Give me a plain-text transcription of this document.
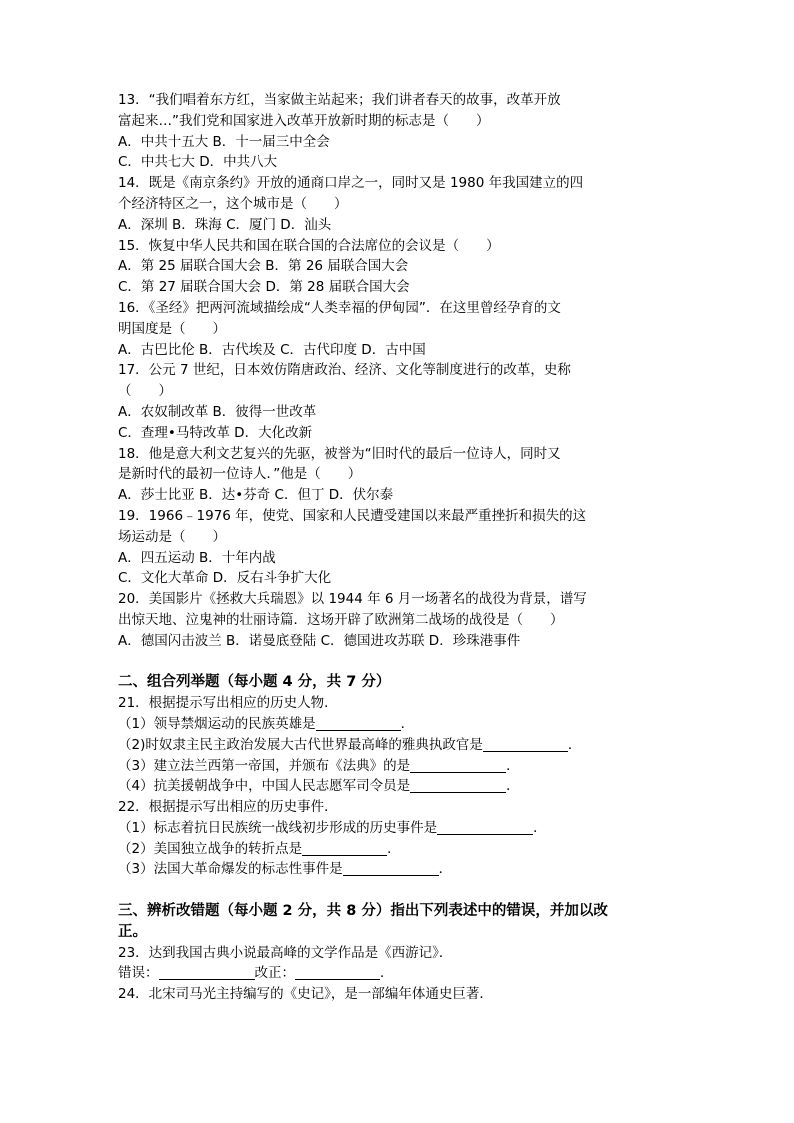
13．“我们唱着东方红，当家做主站起来；我们讲者春天的故事，改革开放
富起来…”我们党和国家进入改革开放新时期的标志是（　　）
A．中共十五大 B．十一届三中全会
C．中共七大 D．中共八大
14．既是《南京条约》开放的通商口岸之一，同时又是 1980 年我国建立的四
个经济特区之一，这个城市是（　　）
A．深圳 B．珠海 C．厦门 D．汕头
15．恢复中华人民共和国在联合国的合法席位的会议是（　　）
A．第 25 届联合国大会 B．第 26 届联合国大会
C．第 27 届联合国大会 D．第 28 届联合国大会
16．《圣经》把两河流域描绘成“人类幸福的伊甸园”．在这里曾经孕育的文
明国度是（　　）
A．古巴比伦 B．古代埃及 C．古代印度 D．古中国
17．公元 7 世纪，日本效仿隋唐政治、经济、文化等制度进行的改革，史称
（　　）
A．农奴制改革 B．彼得一世改革
C．查理•马特改革 D．大化改新
18．他是意大利文艺复兴的先驱，被誉为“旧时代的最后一位诗人，同时又
是新时代的最初一位诗人．”他是（　　）
A．莎士比亚 B．达•芬奇 C．但丁 D．伏尔泰
19．1966﹣1976 年，使党、国家和人民遭受建国以来最严重挫折和损失的这
场运动是（　　）
A．四五运动 B．十年内战
C．文化大革命 D．反右斗争扩大化
20．美国影片《拯救大兵瑞恩》以 1944 年 6 月一场著名的战役为背景，谱写
出惊天地、泣鬼神的壮丽诗篇．这场开辟了欧洲第二战场的战役是（　　）
A．德国闪击波兰 B．诺曼底登陆 C．德国进攻苏联 D．珍珠港事件
二、组合列举题（每小题 4 分，共 7 分）
21．根据提示写出相应的历史人物．
（1）领导禁烟运动的民族英雄是	．
（2)时奴隶主民主政治发展大古代世界最高峰的雅典执政官是	．
（3）建立法兰西第一帝国，并颁布《法典》的是	．
（4）抗美援朝战争中，中国人民志愿军司令员是	．
22．根据提示写出相应的历史事件．
（1）标志着抗日民族统一战线初步形成的历史事件是	．
（2）美国独立战争的转折点是	．
（3）法国大革命爆发的标志性事件是	．
三、辨析改错题（每小题 2 分，共 8 分）指出下列表述中的错误，并加以改
正。
23．达到我国古典小说最高峰的文学作品是《西游记》．
错误：	改正：	．
24．北宋司马光主持编写的《史记》，是一部编年体通史巨著．
